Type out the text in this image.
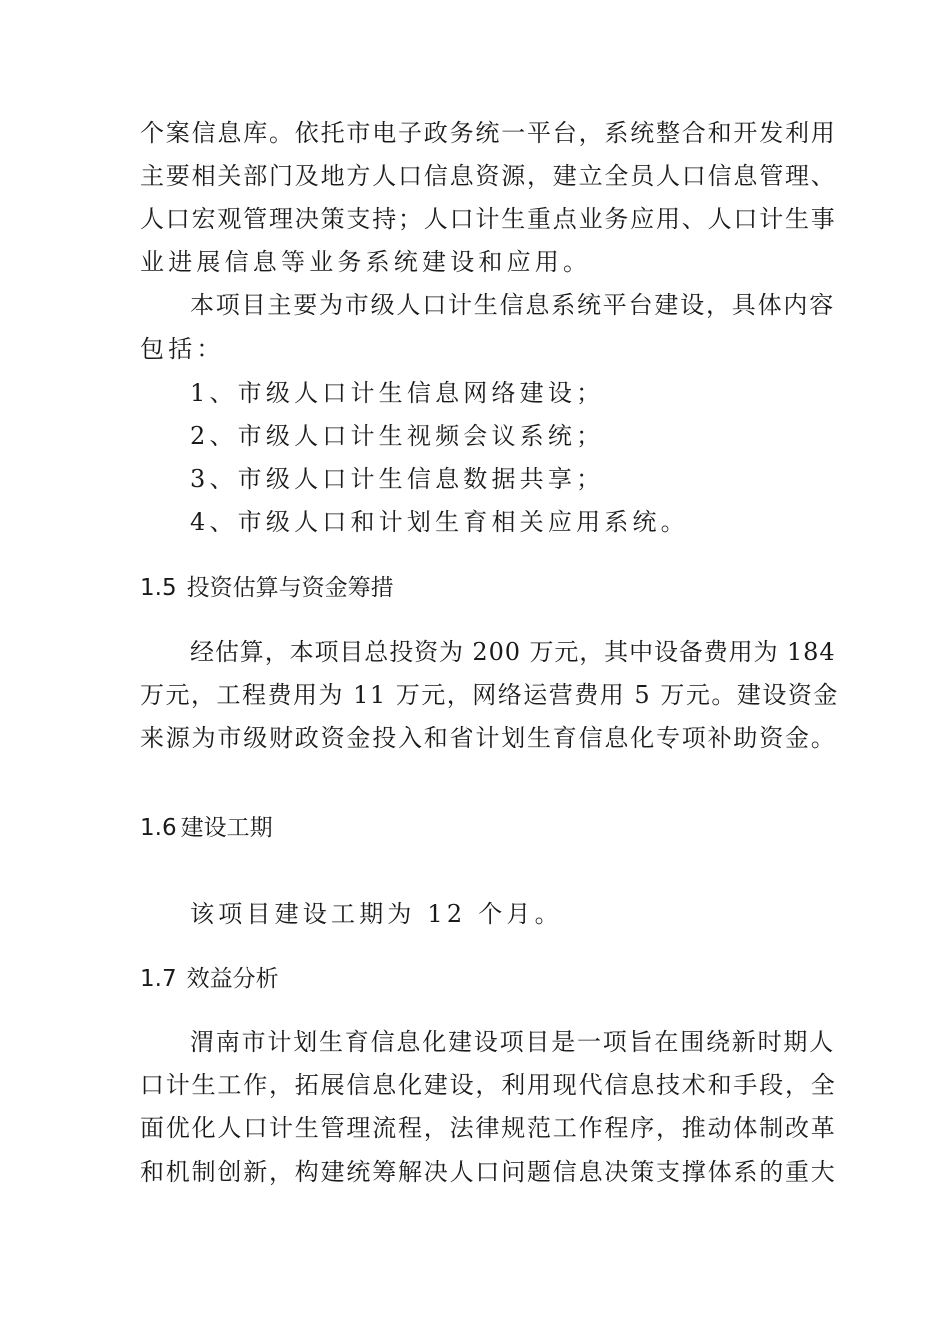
个案信息库。依托市电子政务统一平台，系统整合和开发利用
主要相关部门及地方人口信息资源，建立全员人口信息管理、
人口宏观管理决策支持；人口计生重点业务应用、人口计生事
业进展信息等业务系统建设和应用。
本项目主要为市级人口计生信息系统平台建设，具体内容
包括：
1、市级人口计生信息网络建设；
2、市级人口计生视频会议系统；
3、市级人口计生信息数据共享；
4、市级人口和计划生育相关应用系统。
1.5 投资估算与资金筹措
经估算，本项目总投资为 200 万元，其中设备费用为 184
万元，工程费用为 11 万元，网络运营费用 5 万元。建设资金
来源为市级财政资金投入和省计划生育信息化专项补助资金。
1.6 建设工期
该项目建设工期为 12 个月。
1.7 效益分析
渭南市计划生育信息化建设项目是一项旨在围绕新时期人
口计生工作，拓展信息化建设，利用现代信息技术和手段，全
面优化人口计生管理流程，法律规范工作程序，推动体制改革
和机制创新，构建统筹解决人口问题信息决策支撑体系的重大
